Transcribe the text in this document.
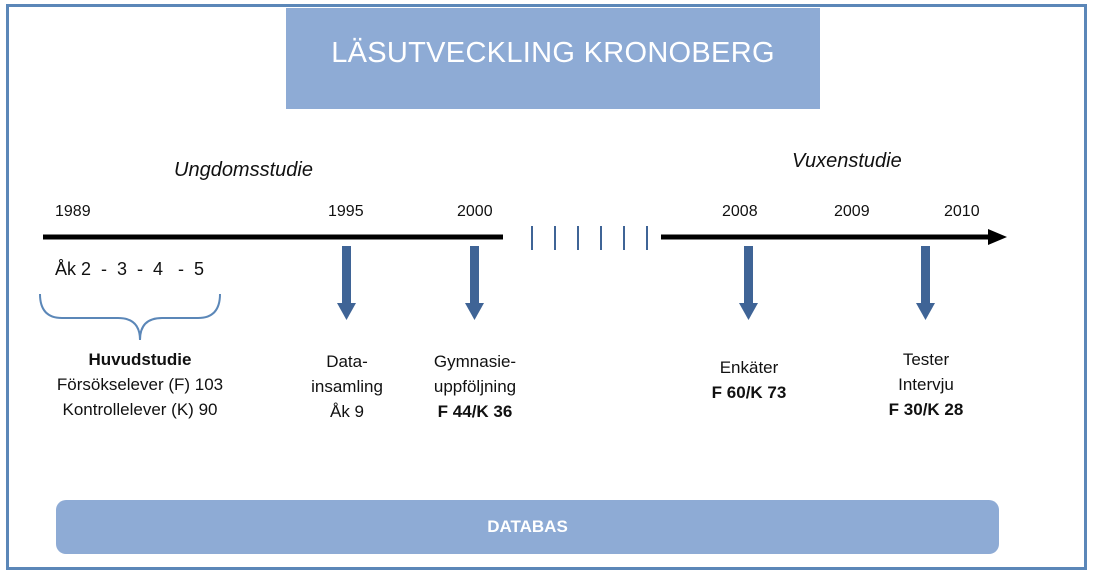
LÄSUTVECKLING KRONOBERG
Ungdomsstudie	Vuxenstudie
1989	1995	2000	2008	2009	2010
Åk 2  -  3  -  4   -  5
Huvudstudie
Försökselever (F) 103
Kontrollelever (K) 90
Data-
insamling
Åk 9
Gymnasie-
uppföljning
F 44/K 36
Enkäter
F 60/K 73
Tester
Intervju
F 30/K 28
DATABAS
